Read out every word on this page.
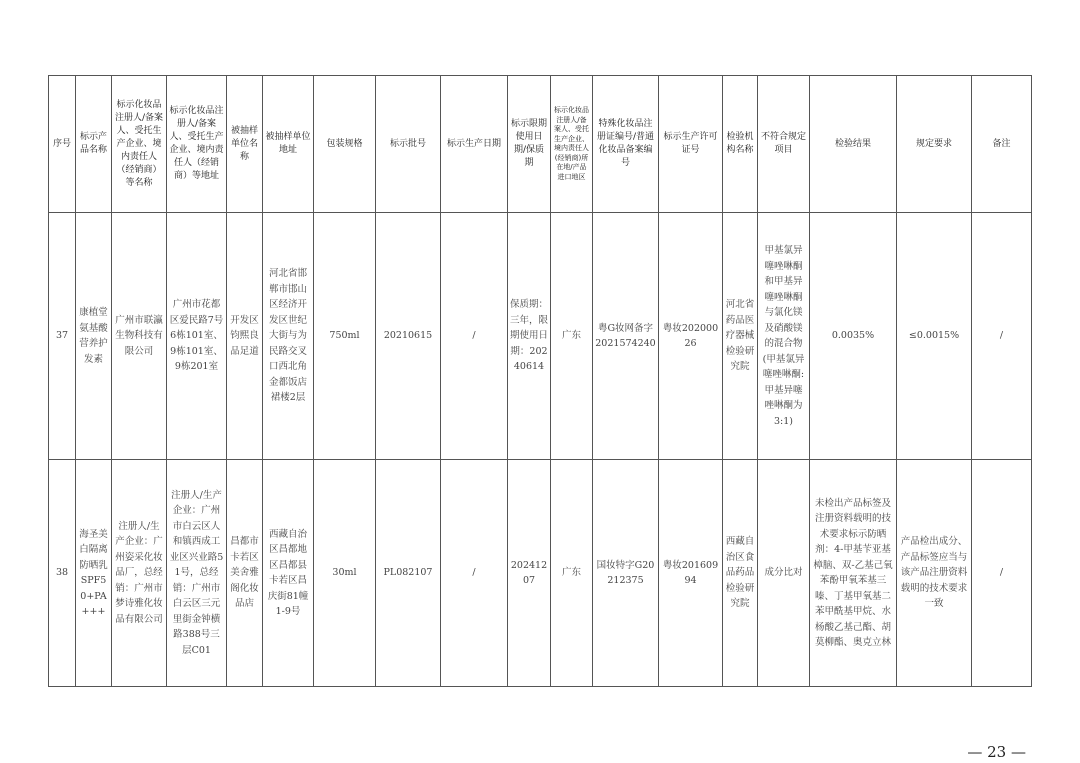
序号	标示产品名称	标示化妆品注册人/备案人、受托生产企业、境内责任人（经销商）等名称	标示化妆品注册人/备案人、受托生产企业、境内责任人（经销商）等地址	被抽样单位名称	被抽样单位地址	包装规格	标示批号	标示生产日期	标示限期使用日期/保质期	标示化妆品注册人/备案人、受托生产企业、境内责任人(经销商)所在地/产品进口地区	特殊化妆品注册证编号/普通化妆品备案编号	标示生产许可证号	检验机构名称	不符合规定项目	检验结果	规定要求	备注
37	康植堂氨基酸营养护发素	广州市联瀛生物科技有限公司	广州市花都区爱民路7号6栋101室、9栋101室、9栋201室	开发区钧熙良品足道	河北省邯郸市邯山区经济开发区世纪大街与为民路交叉口西北角金都饭店裙楼2层	750ml	20210615	/	保质期：三年，限期使用日期：20240614	广东	粤G妆网备字2021574240	粤妆20200026	河北省药品医疗器械检验研究院	甲基氯异噻唑啉酮和甲基异噻唑啉酮与氯化镁及硝酸镁的混合物(甲基氯异噻唑啉酮:甲基异噻唑啉酮为3:1)	0.0035%	≤0.0015%	/
38	海圣美白隔离防晒乳SPF50+PA+++	注册人/生产企业：广州姿采化妆品厂，总经销：广州市梦诗雅化妆品有限公司	注册人/生产企业：广州市白云区人和镇西成工业区兴业路51号，总经销：广州市白云区三元里街金钟横路388号三层C01	昌都市卡若区美舍雅阁化妆品店	西藏自治区昌都地区昌都县卡若区昌庆街81幢1-9号	30ml	PL082107	/	20241207	广东	国妆特字G20212375	粤妆20160994	西藏自治区食品药品检验研究院	成分比对	未检出产品标签及注册资料载明的技术要求标示防晒剂：4-甲基苄亚基樟脑、双-乙基己氧苯酚甲氧苯基三嗪、丁基甲氧基二苯甲酰基甲烷、水杨酸乙基己酯、胡莫柳酯、奥克立林	产品检出成分、产品标签应当与该产品注册资料载明的技术要求一致	/
— 23 —
